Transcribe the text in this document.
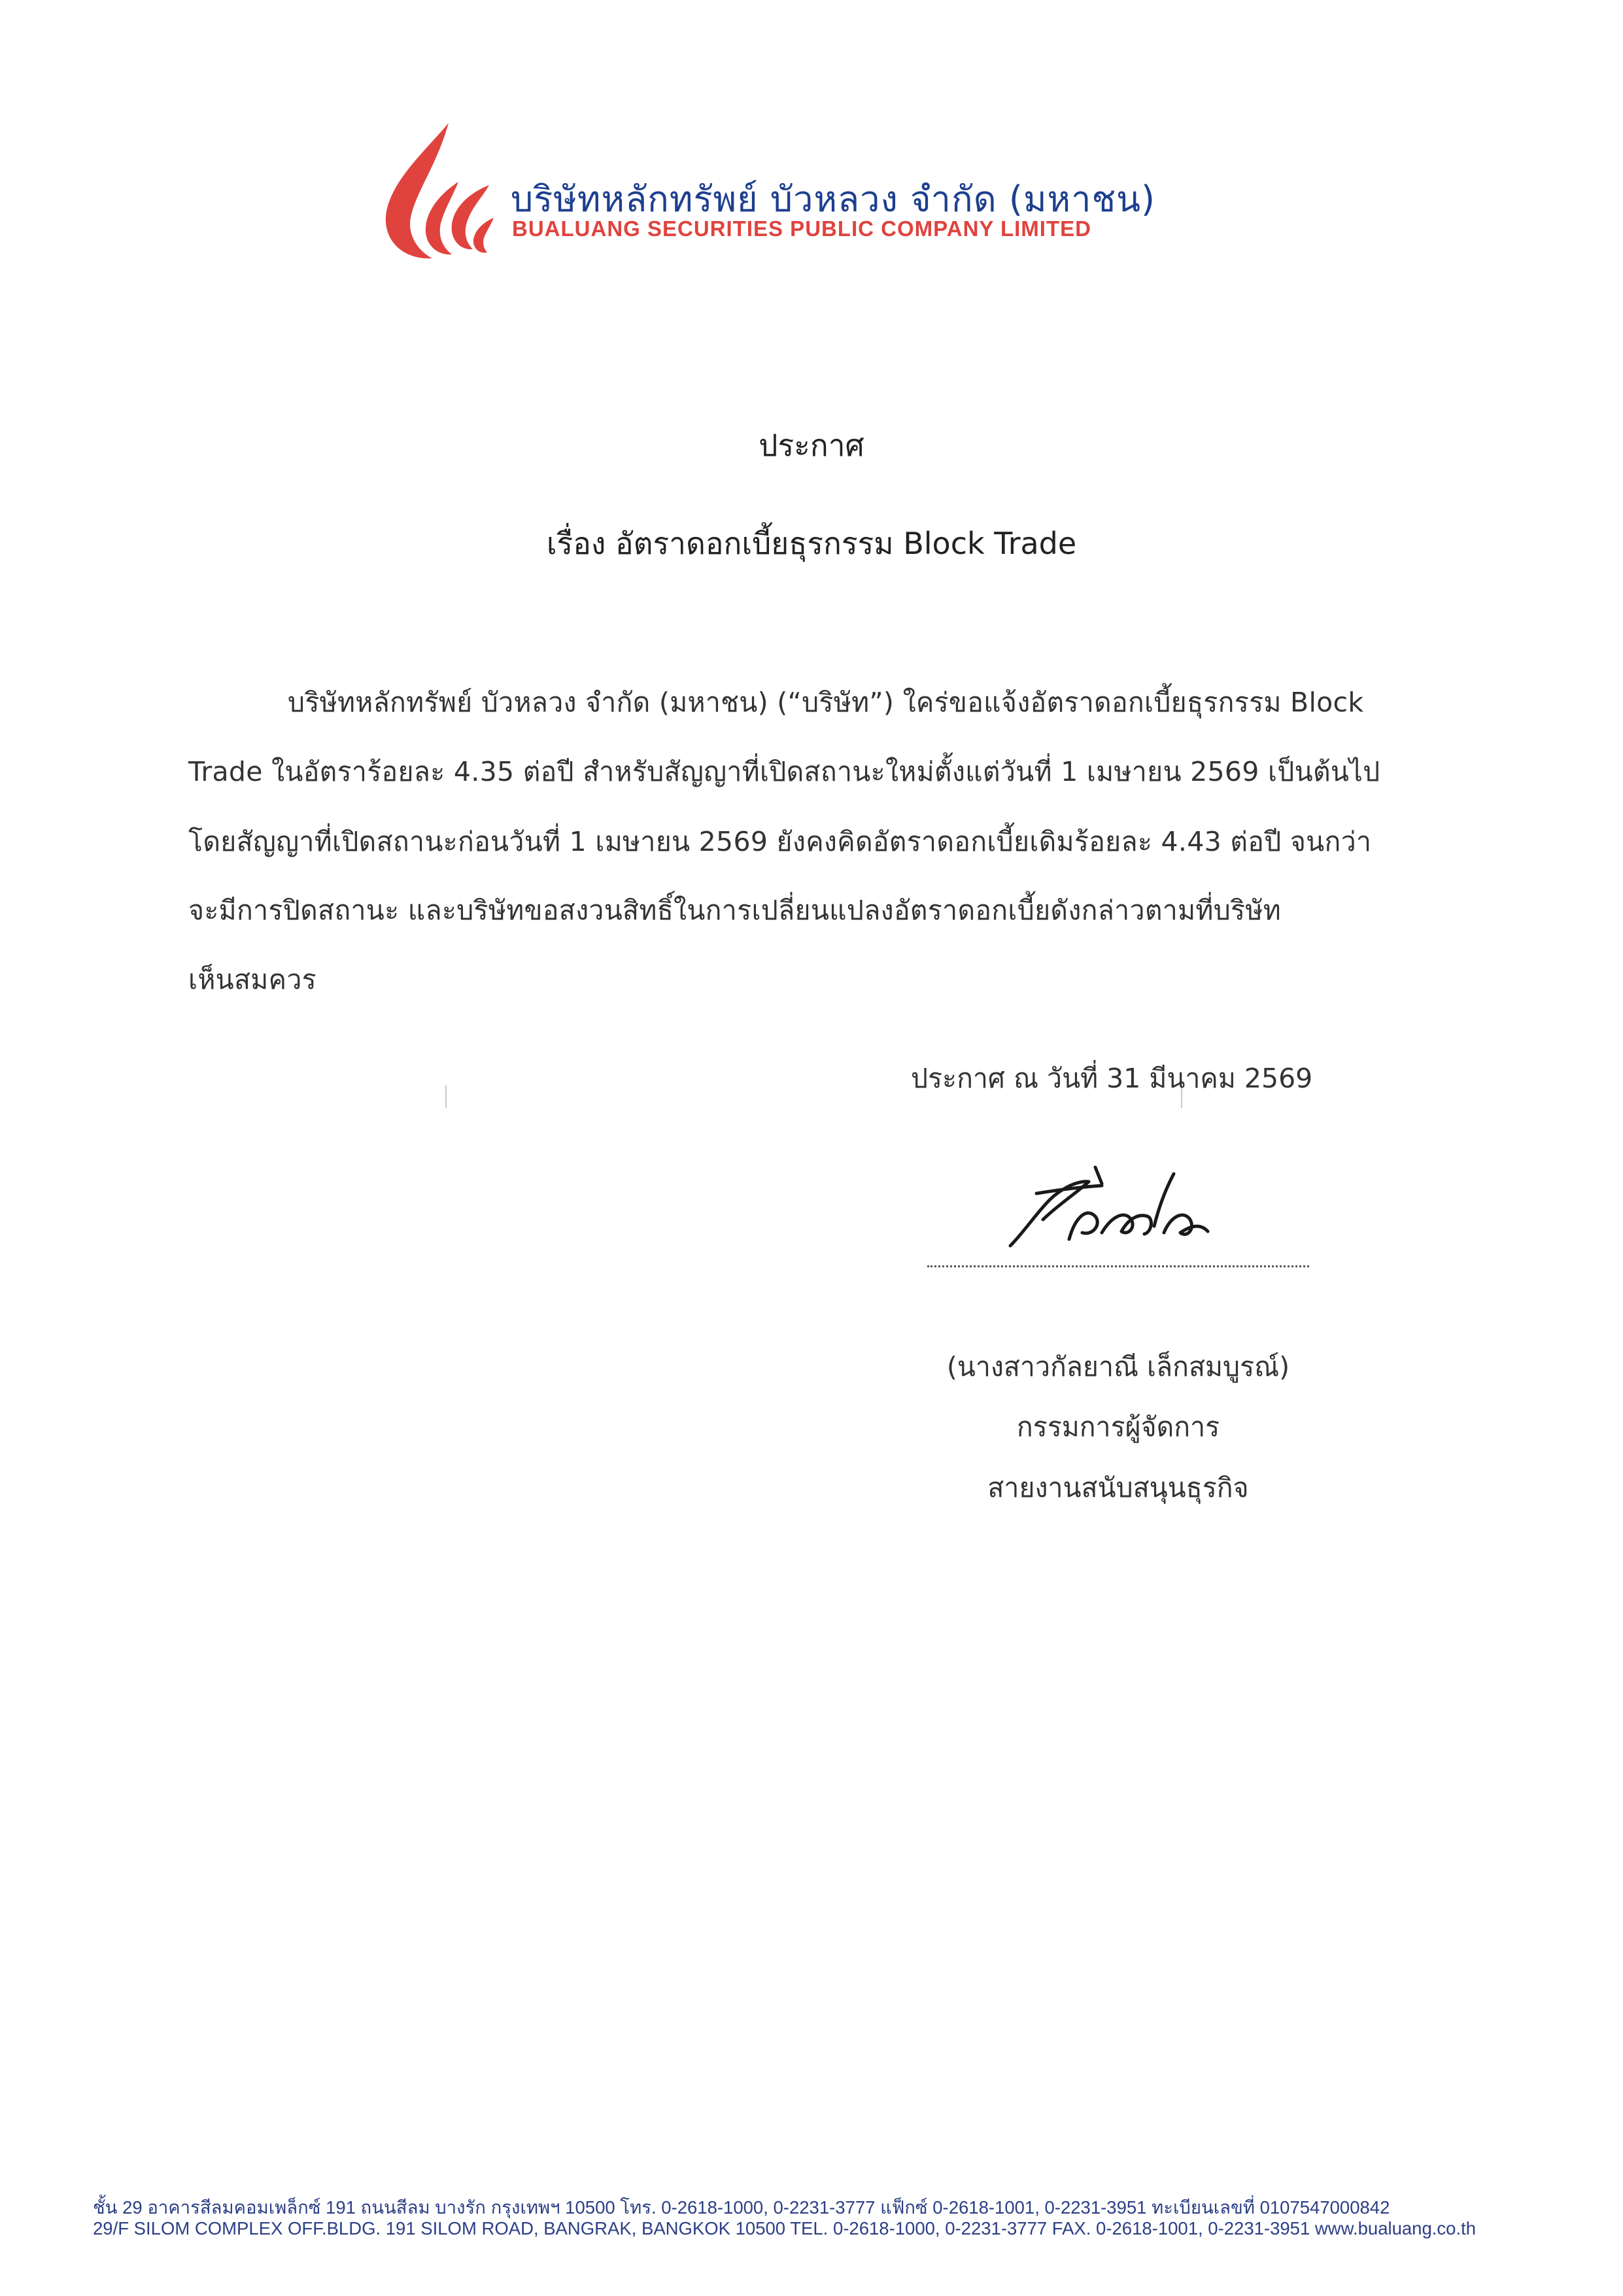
บริษัทหลักทรัพย์ บัวหลวง จำกัด (มหาชน)
BUALUANG SECURITIES PUBLIC COMPANY LIMITED
ประกาศ
เรื่อง อัตราดอกเบี้ยธุรกรรม Block Trade
บริษัทหลักทรัพย์ บัวหลวง จำกัด (มหาชน) (“บริษัท”) ใคร่ขอแจ้งอัตราดอกเบี้ยธุรกรรม Block
Trade ในอัตราร้อยละ 4.35 ต่อปี สำหรับสัญญาที่เปิดสถานะใหม่ตั้งแต่วันที่ 1 เมษายน 2569 เป็นต้นไป
โดยสัญญาที่เปิดสถานะก่อนวันที่ 1 เมษายน 2569 ยังคงคิดอัตราดอกเบี้ยเดิมร้อยละ 4.43 ต่อปี จนกว่า
จะมีการปิดสถานะ และบริษัทขอสงวนสิทธิ์ในการเปลี่ยนแปลงอัตราดอกเบี้ยดังกล่าวตามที่บริษัท
เห็นสมควร
ประกาศ ณ วันที่ 31 มีนาคม 2569
(นางสาวกัลยาณี เล็กสมบูรณ์)
กรรมการผู้จัดการ
สายงานสนับสนุนธุรกิจ
ชั้น 29 อาคารสีลมคอมเพล็กซ์ 191 ถนนสีลม บางรัก กรุงเทพฯ 10500 โทร. 0-2618-1000, 0-2231-3777 แฟ็กซ์ 0-2618-1001, 0-2231-3951 ทะเบียนเลขที่ 0107547000842
29/F SILOM COMPLEX OFF.BLDG. 191 SILOM ROAD, BANGRAK, BANGKOK 10500 TEL. 0-2618-1000, 0-2231-3777 FAX. 0-2618-1001, 0-2231-3951 www.bualuang.co.th
